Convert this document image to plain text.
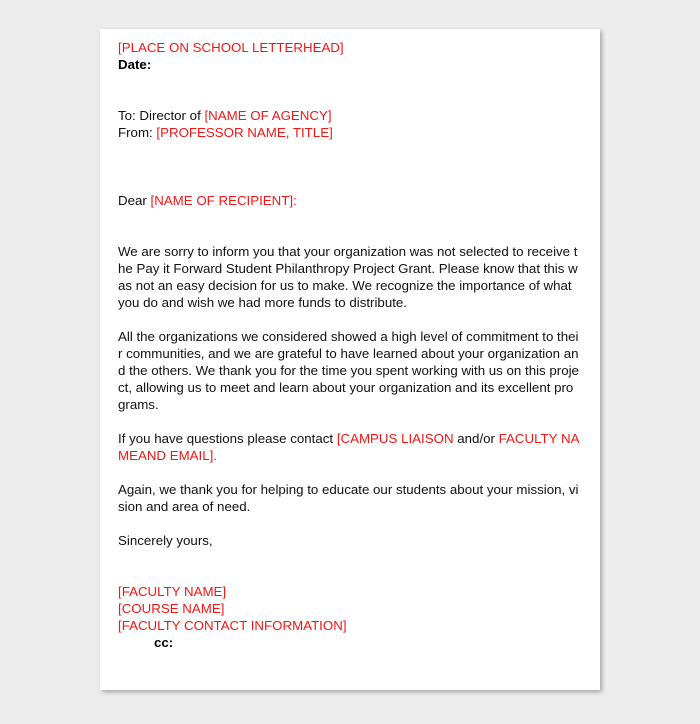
[PLACE ON SCHOOL LETTERHEAD]
Date:
To: Director of [NAME OF AGENCY]
From: [PROFESSOR NAME, TITLE]
Dear [NAME OF RECIPIENT]:
We are sorry to inform you that your organization was not selected to receive the Pay it Forward Student Philanthropy Project Grant. Please know that this was not an easy decision for us to make. We recognize the importance of what you do and wish we had more funds to distribute.
All the organizations we considered showed a high level of commitment to their communities, and we are grateful to have learned about your organization and the others. We thank you for the time you spent working with us on this project, allowing us to meet and learn about your organization and its excellent programs.
If you have questions please contact [CAMPUS LIAISON and/or FACULTY NAMEAND EMAIL].
Again, we thank you for helping to educate our students about your mission, vision and area of need.
Sincerely yours,
[FACULTY NAME]
[COURSE NAME]
[FACULTY CONTACT INFORMATION]
cc:
